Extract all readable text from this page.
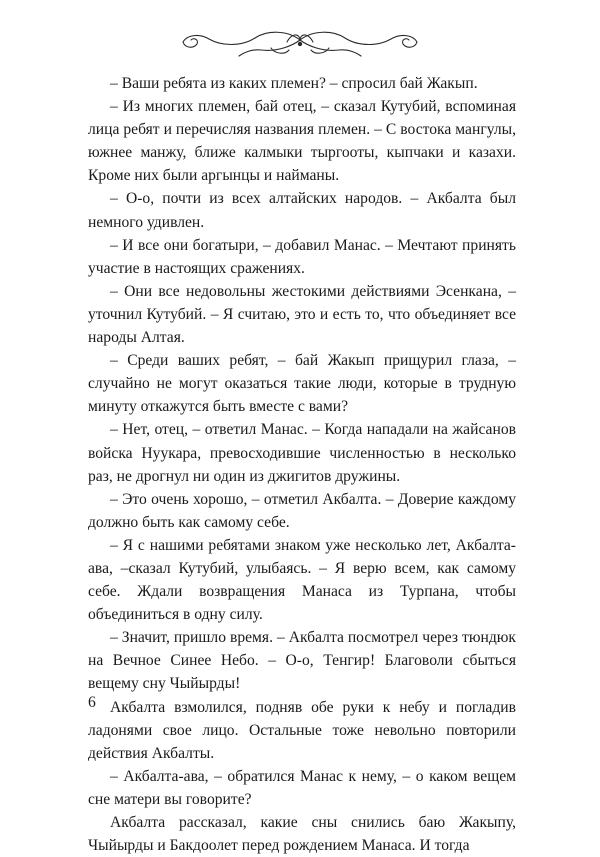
– Ваши ребята из каких племен? – спросил бай Жакып.

– Из многих племен, бай отец, – сказал Кутубий, вспоминая лица ребят и перечисляя названия племен. – С востока мангулы, южнее манжу, ближе калмыки тыргооты, кыпчаки и казахи. Кроме них были аргынцы и найманы.

– О-о, почти из всех алтайских народов. – Акбалта был немного удивлен.

– И все они богатыри, – добавил Манас. – Мечтают принять участие в настоящих сражениях.

– Они все недовольны жестокими действиями Эсенкана, – уточнил Кутубий. – Я считаю, это и есть то, что объединяет все народы Алтая.

– Среди ваших ребят, – бай Жакып прищурил глаза, – случайно не могут оказаться такие люди, которые в трудную минуту откажутся быть вместе с вами?

– Нет, отец, – ответил Манас. – Когда нападали на жайсанов войска Нуукара, превосходившие численностью в несколько раз, не дрогнул ни один из джигитов дружины.

– Это очень хорошо, – отметил Акбалта. – Доверие каждому должно быть как самому себе.

– Я с нашими ребятами знаком уже несколько лет, Акбалта-ава, –сказал Кутубий, улыбаясь. – Я верю всем, как самому себе. Ждали возвращения Манаса из Турпана, чтобы объединиться в одну силу.

– Значит, пришло время. – Акбалта посмотрел через тюндюк на Вечное Синее Небо. – О-о, Тенгир! Благоволи сбыться вещему сну Чыйырды!

Акбалта взмолился, подняв обе руки к небу и погладив ладонями свое лицо. Остальные тоже невольно повторили действия Акбалты.

– Акбалта-ава, – обратился Манас к нему, – о каком вещем сне матери вы говорите?

Акбалта рассказал, какие сны снились баю Жакыпу, Чыйырды и Бакдоолет перед рождением Манаса. И тогда

6
